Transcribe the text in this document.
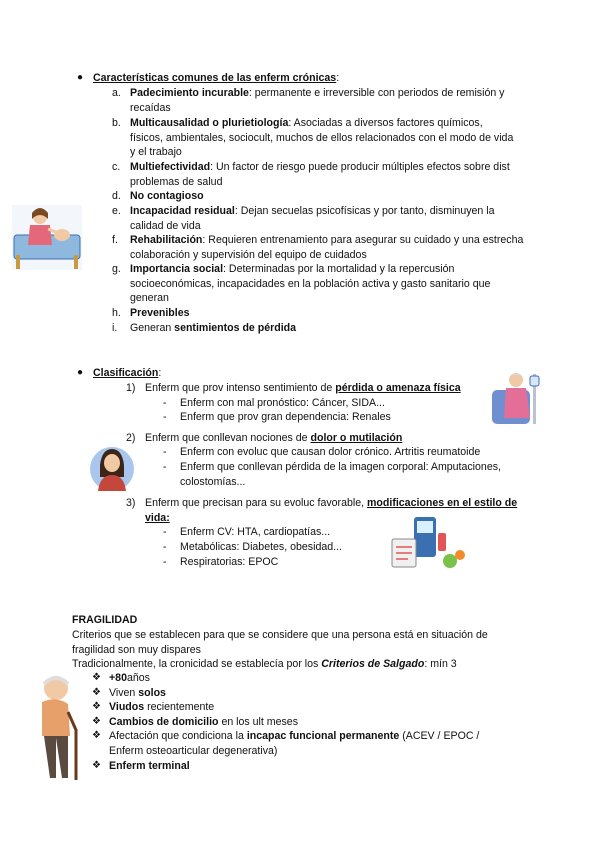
● Características comunes de las enferm crónicas:
a. Padecimiento incurable: permanente e irreversible con periodos de remisión y recaídas
b. Multicausalidad o plurietiología: Asociadas a diversos factores químicos, físicos, ambientales, sociocult, muchos de ellos relacionados con el modo de vida y el trabajo
c. Multiefectividad: Un factor de riesgo puede producir múltiples efectos sobre dist problemas de salud
d. No contagioso
e. Incapacidad residual: Dejan secuelas psicofísicas y por tanto, disminuyen la calidad de vida
f. Rehabilitación: Requieren entrenamiento para asegurar su cuidado y una estrecha colaboración y supervisión del equipo de cuidados
g. Importancia social: Determinadas por la mortalidad y la repercusión socioeconómicas, incapacidades en la población activa y gasto sanitario que generan
h. Prevenibles
i. Generan sentimientos de pérdida
● Clasificación:
1) Enferm que prov intenso sentimiento de pérdida o amenaza física
- Enferm con mal pronóstico: Cáncer, SIDA...
- Enferm que prov gran dependencia: Renales
2) Enferm que conllevan nociones de dolor o mutilación
- Enferm con evoluc que causan dolor crónico. Artritis reumatoide
- Enferm que conllevan pérdida de la imagen corporal: Amputaciones, colostomías...
3) Enferm que precisan para su evoluc favorable, modificaciones en el estilo de vida:
- Enferm CV: HTA, cardiopatías...
- Metabólicas: Diabetes, obesidad...
- Respiratorias: EPOC
FRAGILIDAD
Criterios que se establecen para que se considere que una persona está en situación de fragilidad son muy dispares
Tradicionalmente, la cronicidad se establecía por los Criterios de Salgado: mín 3
❖ +80años
❖ Viven solos
❖ Viudos recientemente
❖ Cambios de domicilio en los ult meses
❖ Afectación que condiciona la incapac funcional permanente (ACEV / EPOC / Enferm osteoarticular degenerativa)
❖ Enferm terminal
